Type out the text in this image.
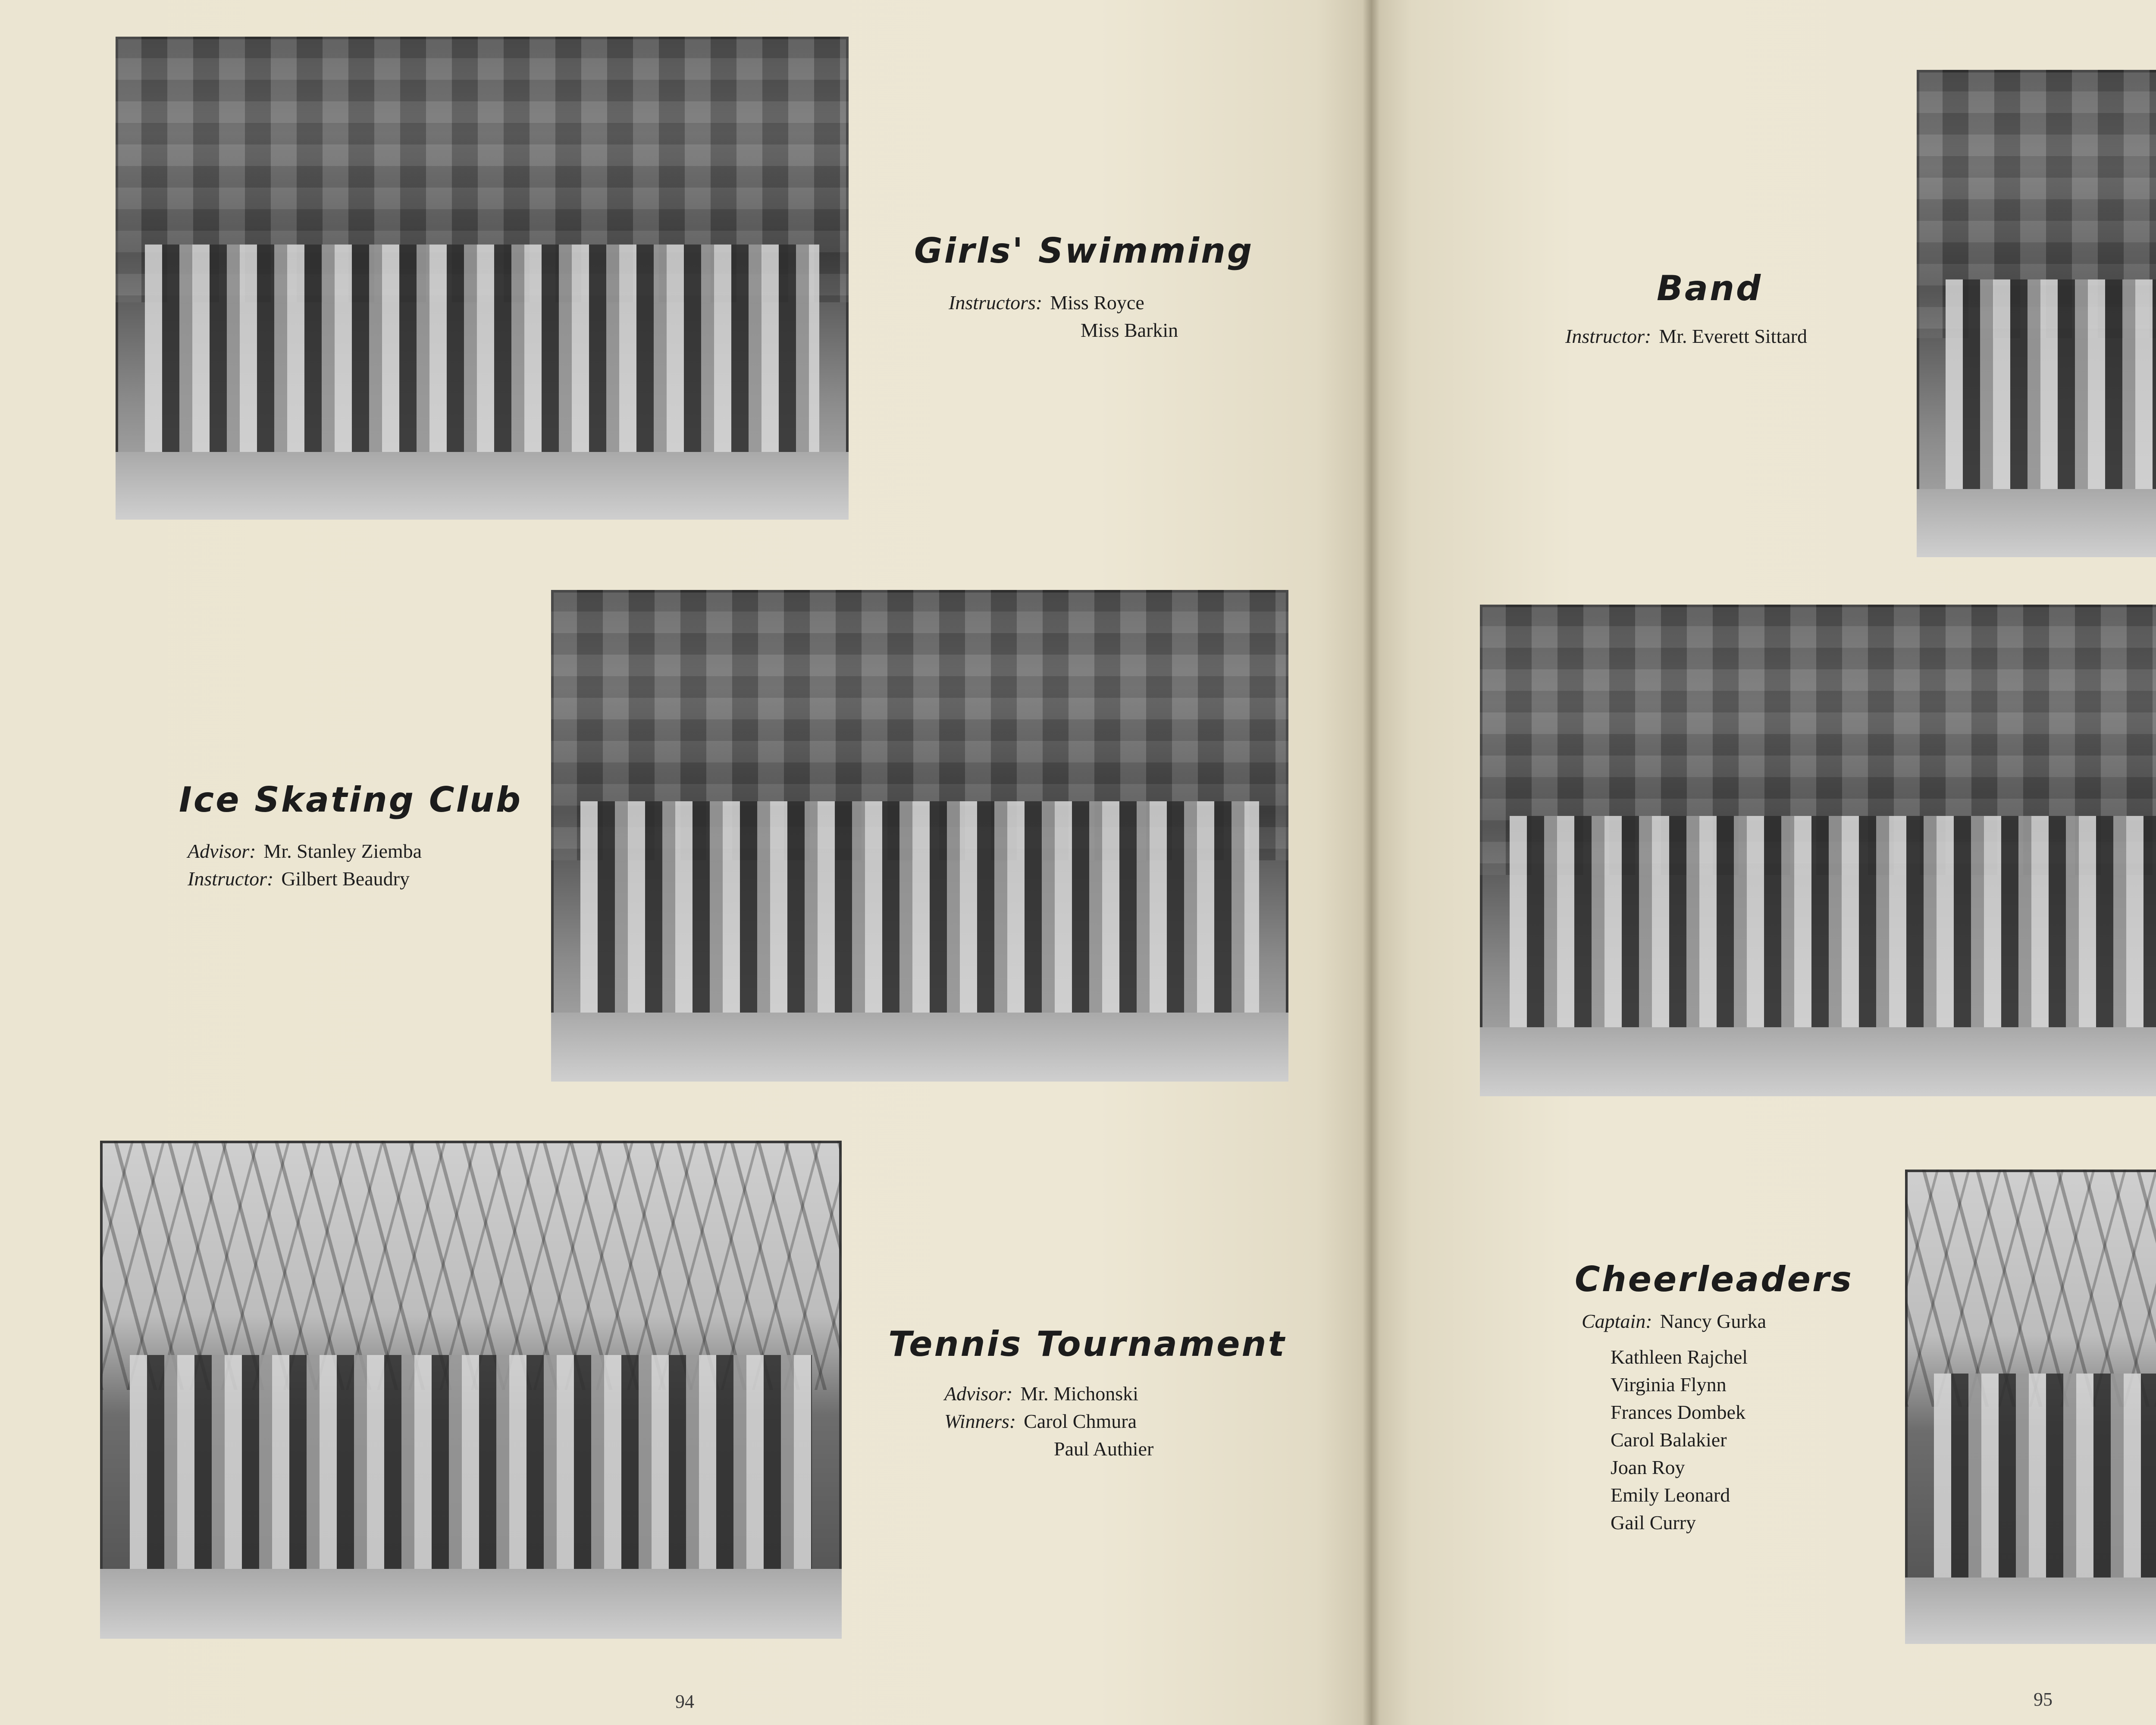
Girls' Swimming
Instructors: Miss Royce
Miss Barkin
Ice Skating Club
Advisor: Mr. Stanley Ziemba
Instructor: Gilbert Beaudry
Tennis Tournament
Advisor: Mr. Michonski
Winners: Carol Chmura
Paul Authier
94
Band
Instructor: Mr. Everett Sittard
Cheerleaders
Captain: Nancy Gurka
Kathleen Rajchel
Virginia Flynn
Frances Dombek
Carol Balakier
Joan Roy
Emily Leonard
Gail Curry
95
